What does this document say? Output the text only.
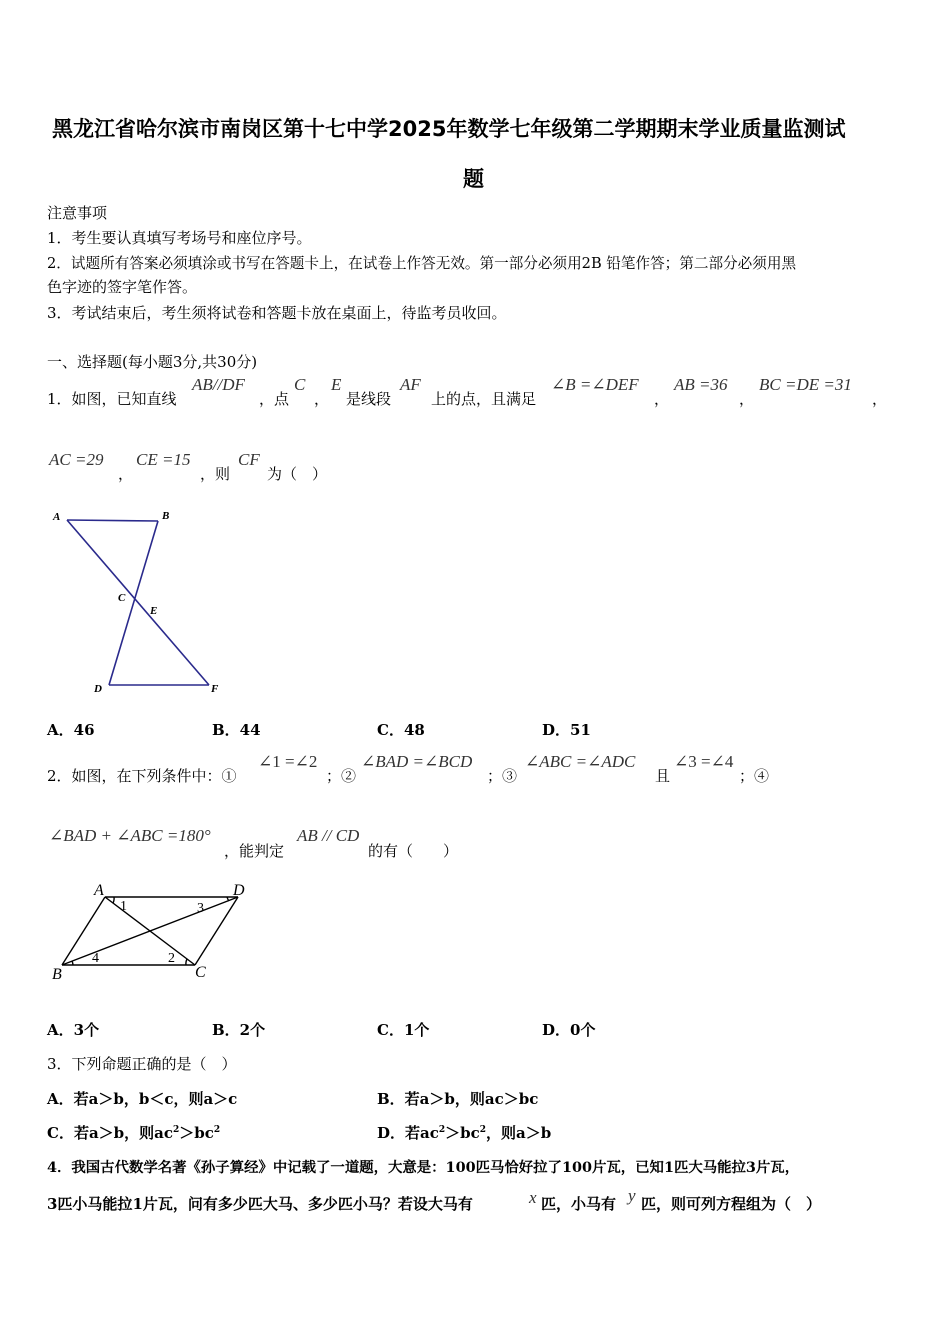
黑龙江省哈尔滨市南岗区第十七中学2025年数学七年级第二学期期末学业质量监测试
题
注意事项
1．考生要认真填写考场号和座位序号。
2．试题所有答案必须填涂或书写在答题卡上，在试卷上作答无效。第一部分必须用2B 铅笔作答；第二部分必须用黑
色字迹的签字笔作答。
3．考试结束后，考生须将试卷和答题卡放在桌面上，待监考员收回。
一、选择题(每小题3分,共30分)
1．如图，已知直线
AB//DF
，点
C
，
E
是线段
AF
上的点，且满足
∠B =∠DEF
，
AB =36
，
BC =DE =31
，
AC =29
，
CE =15
，则
CF
为（　）
A	B
C
E
D	F
A．46	B．44	C．48	D．51
2．如图，在下列条件中：①
∠1 =∠2
；②
∠BAD =∠BCD
；③
∠ABC =∠ADC
且
∠3 =∠4
；④
∠BAD + ∠ABC =180°
，能判定
AB // CD
的有（　　）
A	D
B	C
1	3
4	2
A．3个	B．2个	C．1个	D．0个
3．下列命题正确的是（　）
A．若a＞b，b＜c，则a＞c	B．若a＞b，则ac＞bc
C．若a＞b，则$ac^2>bc^2$	D．若$ac^2>bc^2$，则a＞b
4．我国古代数学名著《孙子算经》中记载了一道题，大意是：100匹马恰好拉了100片瓦，已知1匹大马能拉3片瓦，
3匹小马能拉1片瓦，问有多少匹大马、多少匹小马？若设大马有	x 匹，小马有 y 匹，则可列方程组为（　）
